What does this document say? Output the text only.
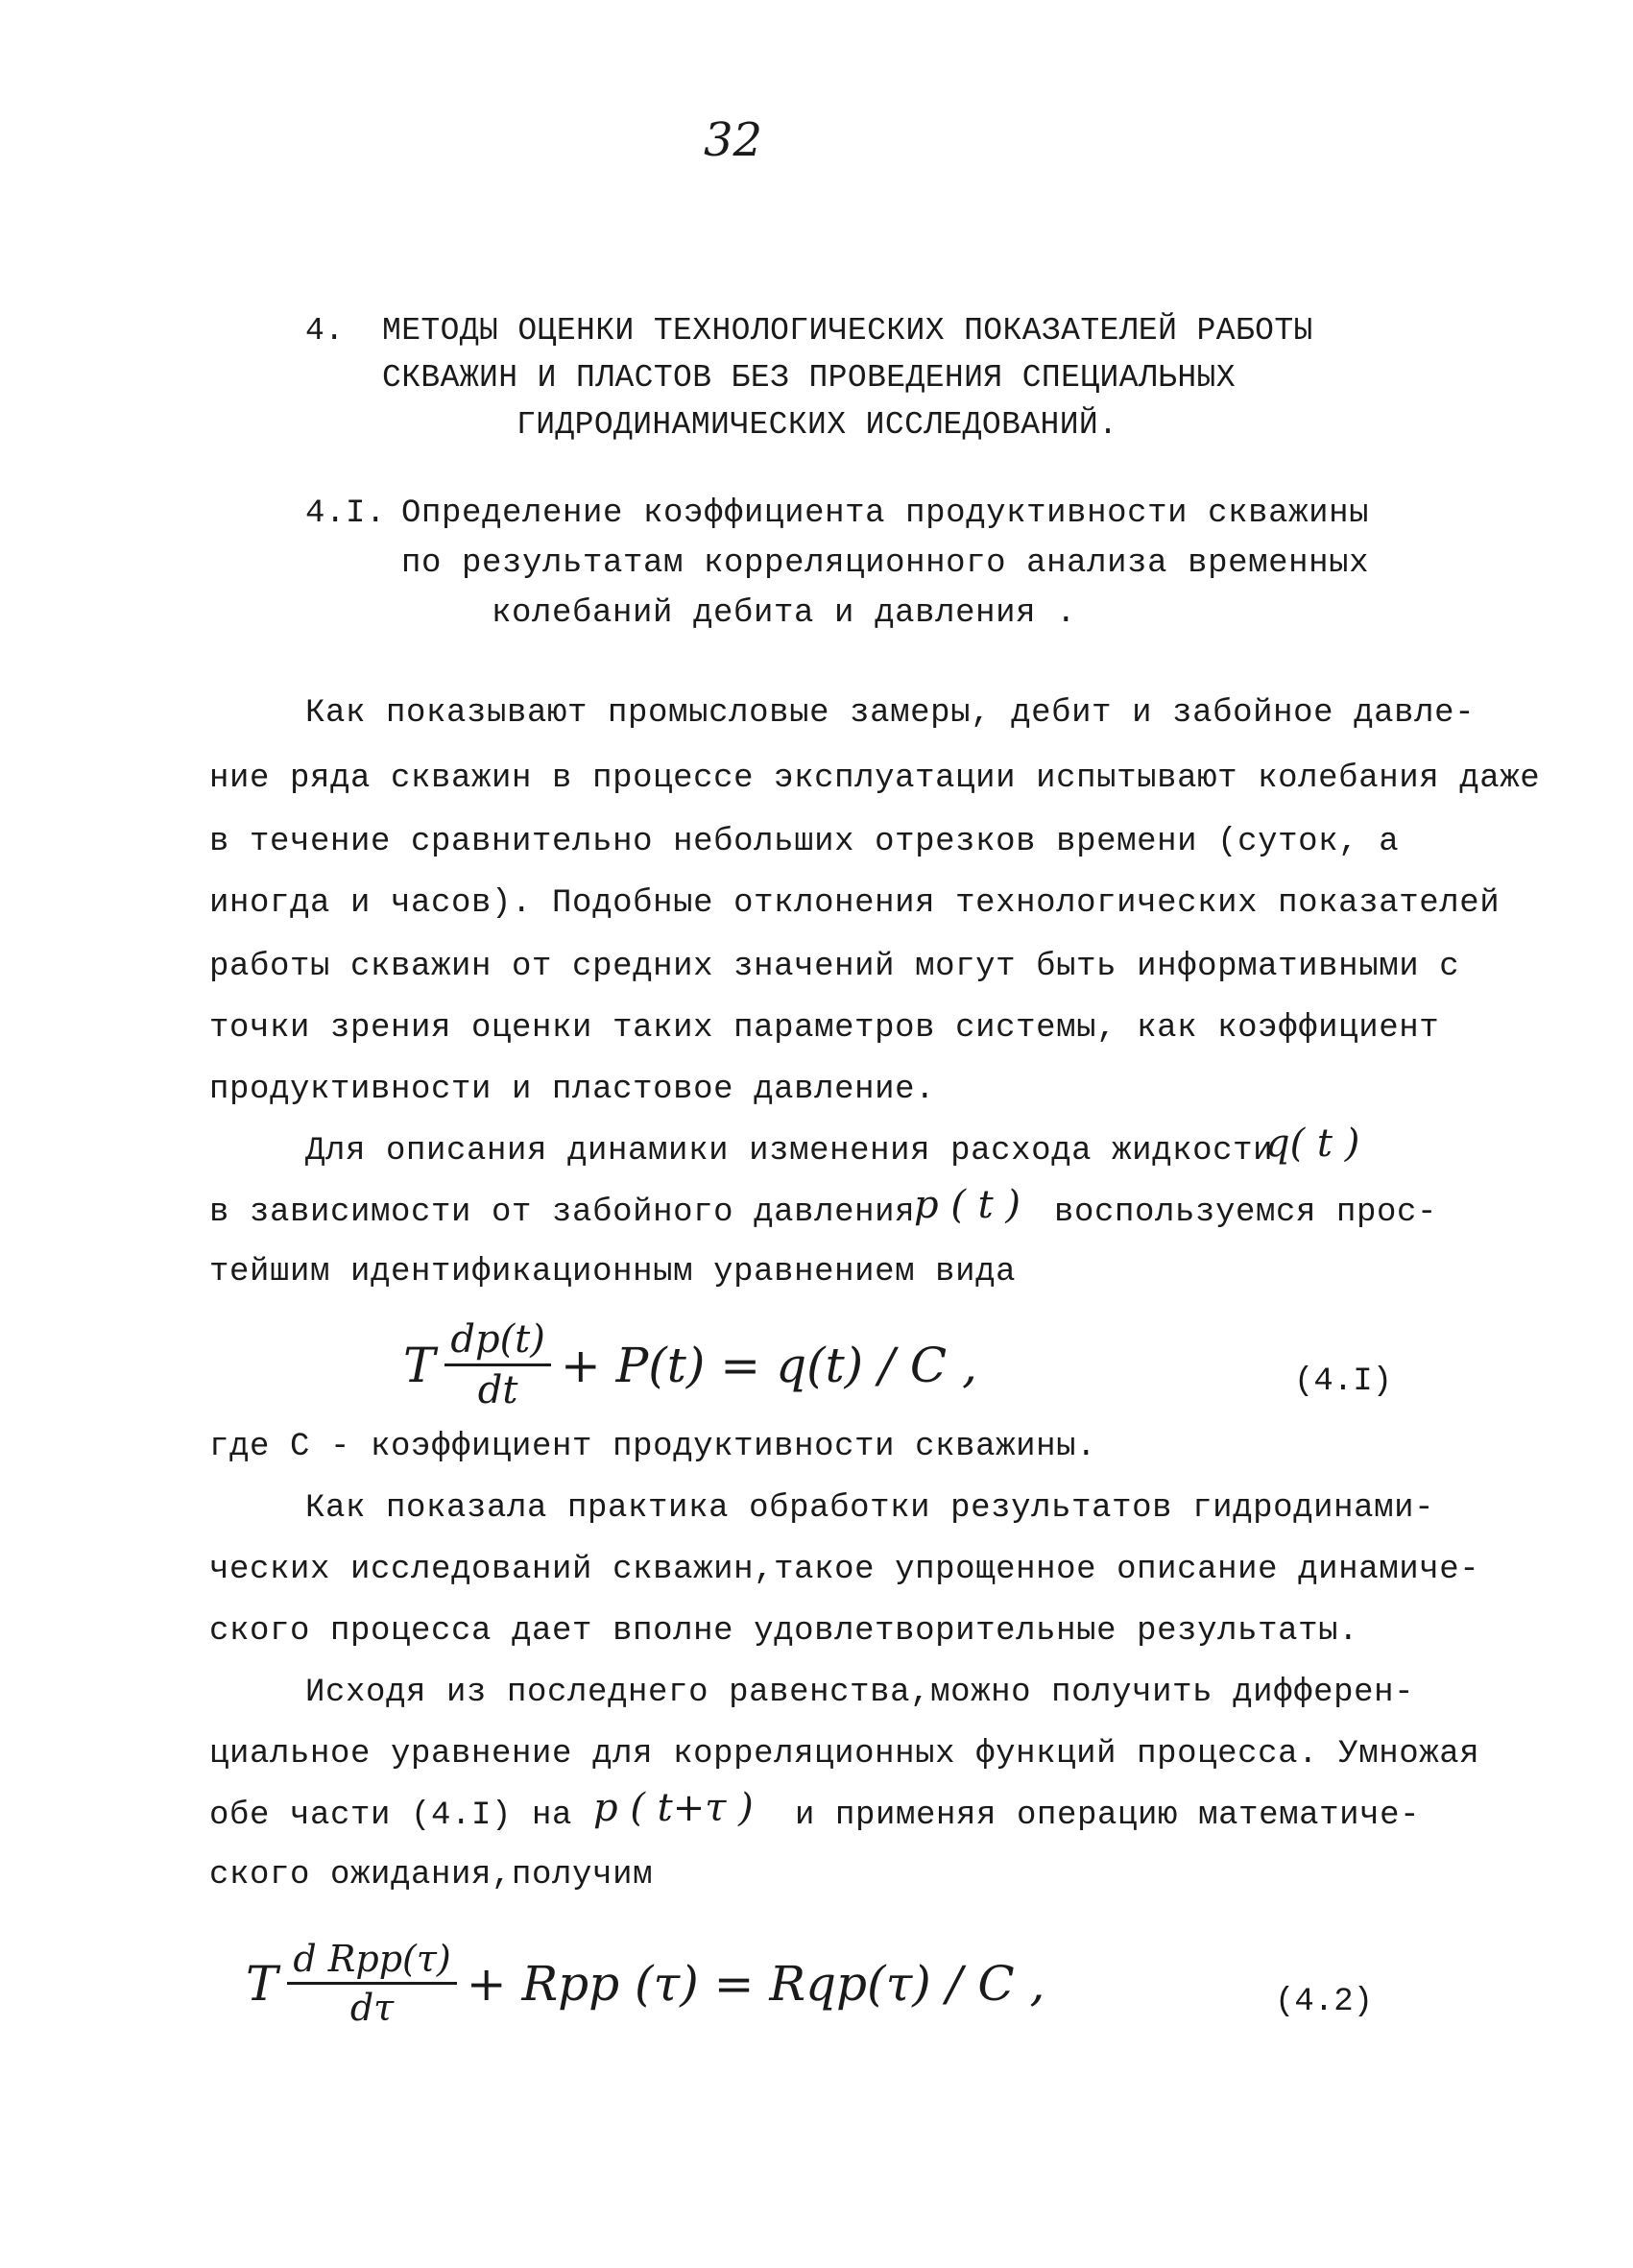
32
4. МЕТОДЫ ОЦЕНКИ ТЕХНОЛОГИЧЕСКИХ ПОКАЗАТЕЛЕЙ РАБОТЫ
СКВАЖИН И ПЛАСТОВ БЕЗ ПРОВЕДЕНИЯ СПЕЦИАЛЬНЫХ
ГИДРОДИНАМИЧЕСКИХ ИССЛЕДОВАНИЙ.
4.I. Определение коэффициента продуктивности скважины
по результатам корреляционного анализа временных
колебаний дебита и давления .
Как показывают промысловые замеры, дебит и забойное давле-
ние ряда скважин в процессе эксплуатации испытывают колебания даже
в течение сравнительно небольших отрезков времени (суток, а
иногда и часов). Подобные отклонения технологических показателей
работы скважин от средних значений могут быть информативными с
точки зрения оценки таких параметров системы, как коэффициент
продуктивности и пластовое давление.
Для описания динамики изменения расхода жидкости
q( t )
в зависимости от забойного давления
p ( t ) воспользуемся прос-
тейшим идентификационным уравнением вида
T $\frac{dp(t)}{dt} + P(t) = q(t) / C$ ,	(4.I)
где С - коэффициент продуктивности скважины.
Как показала практика обработки результатов гидродинами-
ческих исследований скважин,такое упрощенное описание динамиче-
ского процесса дает вполне удовлетворительные результаты.
Исходя из последнего равенства,можно получить дифферен-
циальное уравнение для корреляционных функций процесса. Умножая
обе части (4.I) на p ( t+τ ) и применяя операцию математиче-
ского ожидания,получим
T $\frac{\text{d Rpp(τ)}}{d\tau}$ + Rpp (τ) = Rqp(τ) / C ,	(4.2)
